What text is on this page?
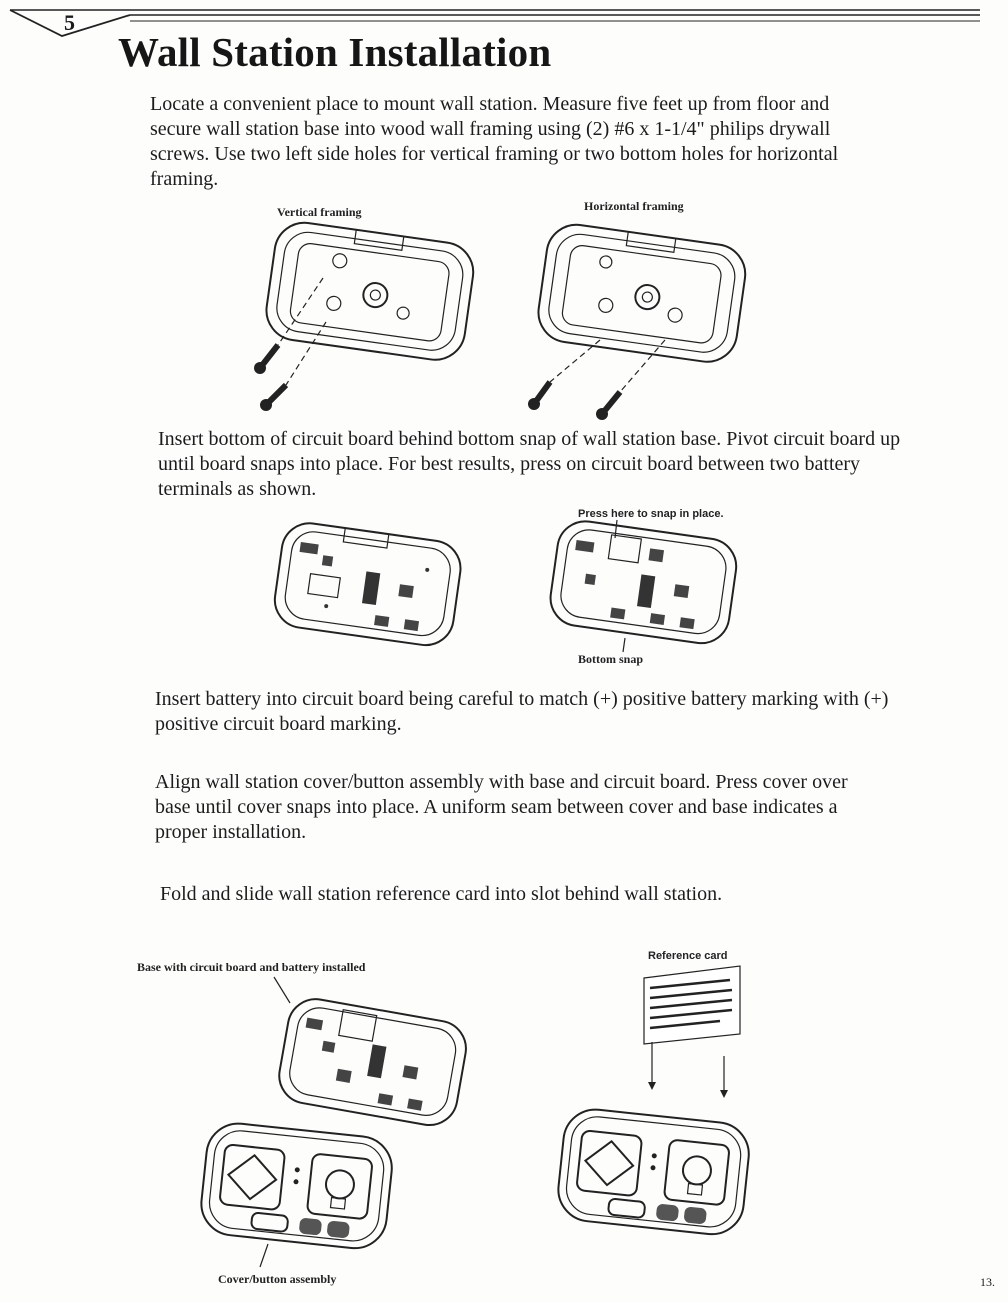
5
Wall Station Installation
Locate a convenient place to mount wall station. Measure five feet up from floor and secure wall station base into wood wall framing using (2) #6 x 1-1/4" philips drywall screws. Use two left side holes for vertical framing or two bottom holes for horizontal framing.
Vertical framing	Horizontal framing
Insert bottom of circuit board behind bottom snap of wall station base. Pivot circuit board up until board snaps into place. For best results, press on circuit board between two battery terminals as shown.
Press here to snap in place.
Bottom snap
Insert battery into circuit board being careful to match (+) positive battery marking with (+) positive circuit board marking.
Align wall station cover/button assembly with base and circuit board. Press cover over base until cover snaps into place. A uniform seam between cover and base indicates a proper installation.
Fold and slide wall station reference card into slot behind wall station.
Base with circuit board and battery installed
Cover/button assembly
Reference card
13.
